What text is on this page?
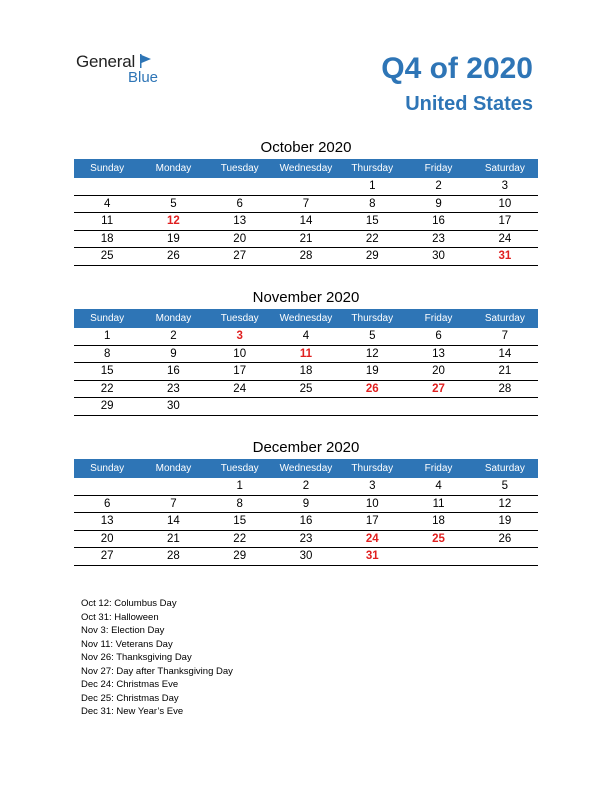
General
Blue	Q4 of 2020
United States
October 2020
Sunday	Monday	Tuesday	Wednesday	Thursday	Friday	Saturday
				1	2	3
4	5	6	7	8	9	10
11	12	13	14	15	16	17
18	19	20	21	22	23	24
25	26	27	28	29	30	31
November 2020
Sunday	Monday	Tuesday	Wednesday	Thursday	Friday	Saturday
1	2	3	4	5	6	7
8	9	10	11	12	13	14
15	16	17	18	19	20	21
22	23	24	25	26	27	28
29	30					
December 2020
Sunday	Monday	Tuesday	Wednesday	Thursday	Friday	Saturday
		1	2	3	4	5
6	7	8	9	10	11	12
13	14	15	16	17	18	19
20	21	22	23	24	25	26
27	28	29	30	31		
Oct 12: Columbus Day
Oct 31: Halloween
Nov 3: Election Day
Nov 11: Veterans Day
Nov 26: Thanksgiving Day
Nov 27: Day after Thanksgiving Day
Dec 24: Christmas Eve
Dec 25: Christmas Day
Dec 31: New Year’s Eve
